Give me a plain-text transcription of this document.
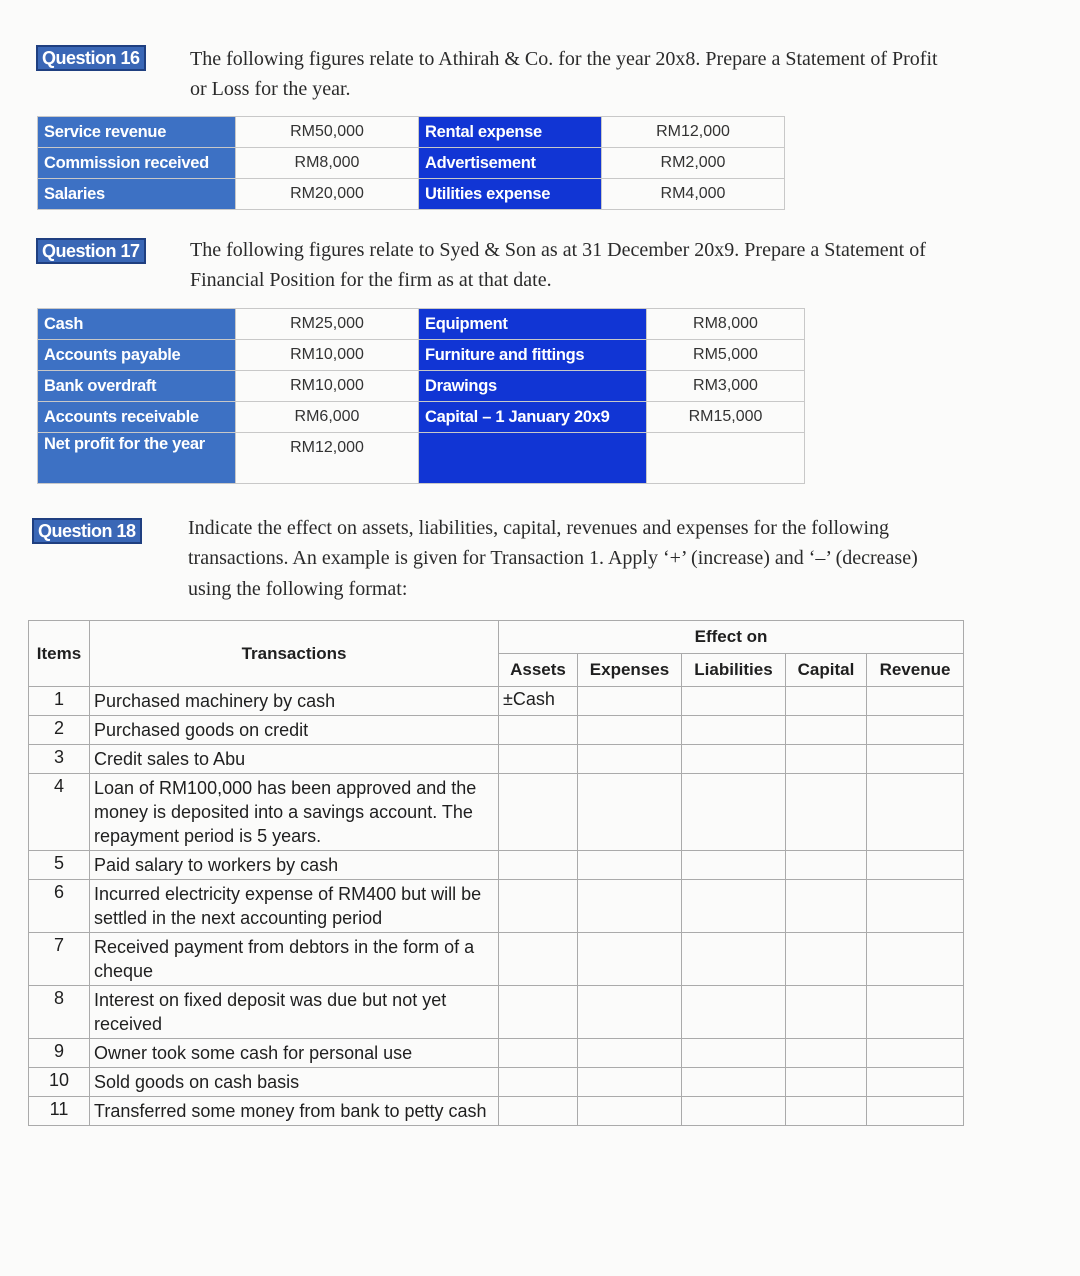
Question 16	The following figures relate to Athirah & Co. for the year 20x8. Prepare a Statement of Profit
or Loss for the year.
Service revenue	RM50,000	Rental expense	RM12,000
Commission received	RM8,000	Advertisement	RM2,000
Salaries	RM20,000	Utilities expense	RM4,000
Question 17	The following figures relate to Syed & Son as at 31 December 20x9. Prepare a Statement of
Financial Position for the firm as at that date.
Cash	RM25,000	Equipment	RM8,000
Accounts payable	RM10,000	Furniture and fittings	RM5,000
Bank overdraft	RM10,000	Drawings	RM3,000
Accounts receivable	RM6,000	Capital – 1 January 20x9	RM15,000
Net profit for the year	RM12,000		
Question 18	Indicate the effect on assets, liabilities, capital, revenues and expenses for the following
transactions. An example is given for Transaction 1. Apply ‘+’ (increase) and ‘–’ (decrease)
using the following format:
Items	Transactions	Effect on				
		Assets	Expenses	Liabilities	Capital	Revenue
1	Purchased machinery by cash	±Cash				
2	Purchased goods on credit					
3	Credit sales to Abu					
4	Loan of RM100,000 has been approved and the money is deposited into a savings account. The repayment period is 5 years.					
5	Paid salary to workers by cash					
6	Incurred electricity expense of RM400 but will be settled in the next accounting period					
7	Received payment from debtors in the form of a cheque					
8	Interest on fixed deposit was due but not yet received					
9	Owner took some cash for personal use					
10	Sold goods on cash basis					
11	Transferred some money from bank to petty cash					
